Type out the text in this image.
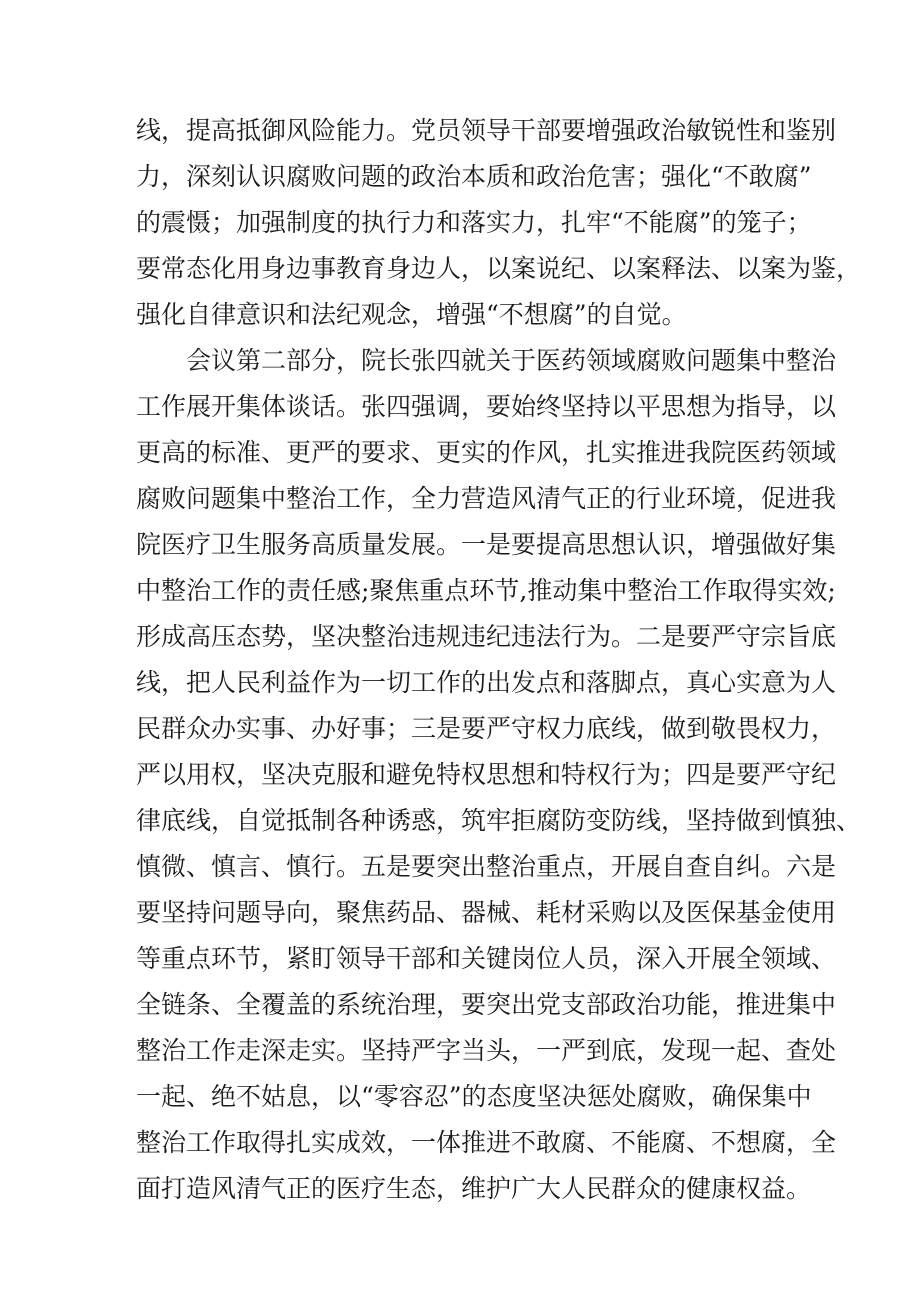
线，提高抵御风险能力。党员领导干部要增强政治敏锐性和鉴别
力，深刻认识腐败问题的政治本质和政治危害；强化“不敢腐”
的震慑；加强制度的执行力和落实力，扎牢“不能腐”的笼子；
要常态化用身边事教育身边人，以案说纪、以案释法、以案为鉴，
强化自律意识和法纪观念，增强“不想腐”的自觉。
会议第二部分，院长张四就关于医药领域腐败问题集中整治
工作展开集体谈话。张四强调，要始终坚持以平思想为指导，以
更高的标准、更严的要求、更实的作风，扎实推进我院医药领域
腐败问题集中整治工作，全力营造风清气正的行业环境，促进我
院医疗卫生服务高质量发展。一是要提高思想认识，增强做好集
中整治工作的责任感;聚焦重点环节,推动集中整治工作取得实效;
形成高压态势，坚决整治违规违纪违法行为。二是要严守宗旨底
线，把人民利益作为一切工作的出发点和落脚点，真心实意为人
民群众办实事、办好事；三是要严守权力底线，做到敬畏权力，
严以用权，坚决克服和避免特权思想和特权行为；四是要严守纪
律底线，自觉抵制各种诱惑，筑牢拒腐防变防线，坚持做到慎独、
慎微、慎言、慎行。五是要突出整治重点，开展自查自纠。六是
要坚持问题导向，聚焦药品、器械、耗材采购以及医保基金使用
等重点环节，紧盯领导干部和关键岗位人员，深入开展全领域、
全链条、全覆盖的系统治理，要突出党支部政治功能，推进集中
整治工作走深走实。坚持严字当头，一严到底，发现一起、查处
一起、绝不姑息，以“零容忍”的态度坚决惩处腐败，确保集中
整治工作取得扎实成效，一体推进不敢腐、不能腐、不想腐，全
面打造风清气正的医疗生态，维护广大人民群众的健康权益。
